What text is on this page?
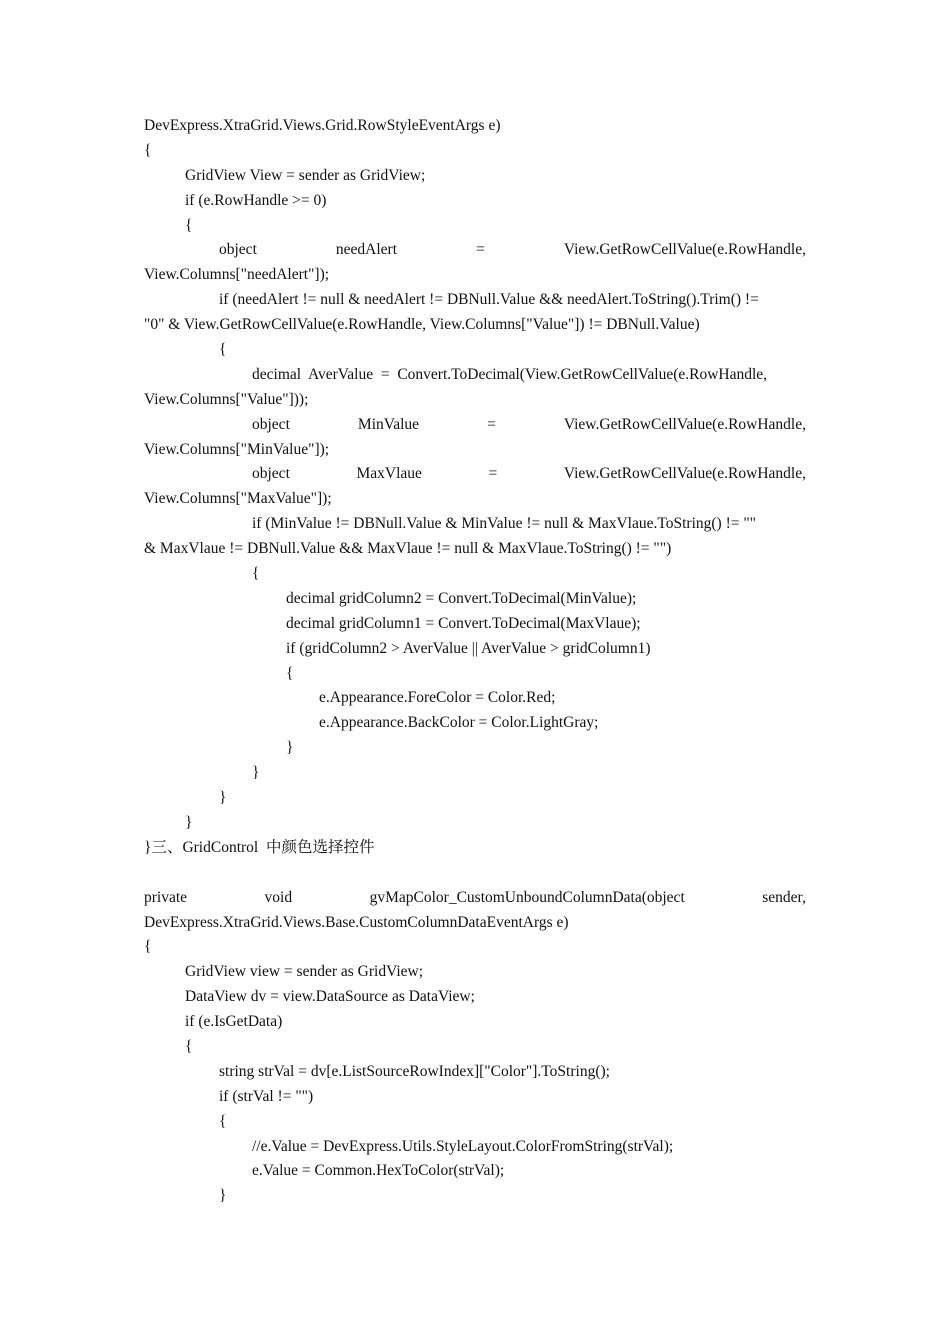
DevExpress.XtraGrid.Views.Grid.RowStyleEventArgs e)
{
GridView View = sender as GridView;
if (e.RowHandle >= 0)
{
object	needAlert	=	View.GetRowCellValue(e.RowHandle,
View.Columns["needAlert"]);
if (needAlert != null & needAlert != DBNull.Value && needAlert.ToString().Trim() !=
"0" & View.GetRowCellValue(e.RowHandle, View.Columns["Value"]) != DBNull.Value)
{
decimal  AverValue  =  Convert.ToDecimal(View.GetRowCellValue(e.RowHandle,
View.Columns["Value"]));
object	MinValue	=	View.GetRowCellValue(e.RowHandle,
View.Columns["MinValue"]);
object	MaxVlaue	=	View.GetRowCellValue(e.RowHandle,
View.Columns["MaxValue"]);
if (MinValue != DBNull.Value & MinValue != null & MaxVlaue.ToString() != ""
& MaxVlaue != DBNull.Value && MaxVlaue != null & MaxVlaue.ToString() != "")
{
decimal gridColumn2 = Convert.ToDecimal(MinValue);
decimal gridColumn1 = Convert.ToDecimal(MaxVlaue);
if (gridColumn2 > AverValue || AverValue > gridColumn1)
{
e.Appearance.ForeColor = Color.Red;
e.Appearance.BackColor = Color.LightGray;
}
}
}
}
}三、GridControl  中颜色选择控件
private	void	gvMapColor_CustomUnboundColumnData(object	sender,
DevExpress.XtraGrid.Views.Base.CustomColumnDataEventArgs e)
{
GridView view = sender as GridView;
DataView dv = view.DataSource as DataView;
if (e.IsGetData)
{
string strVal = dv[e.ListSourceRowIndex]["Color"].ToString();
if (strVal != "")
{
//e.Value = DevExpress.Utils.StyleLayout.ColorFromString(strVal);
e.Value = Common.HexToColor(strVal);
}
